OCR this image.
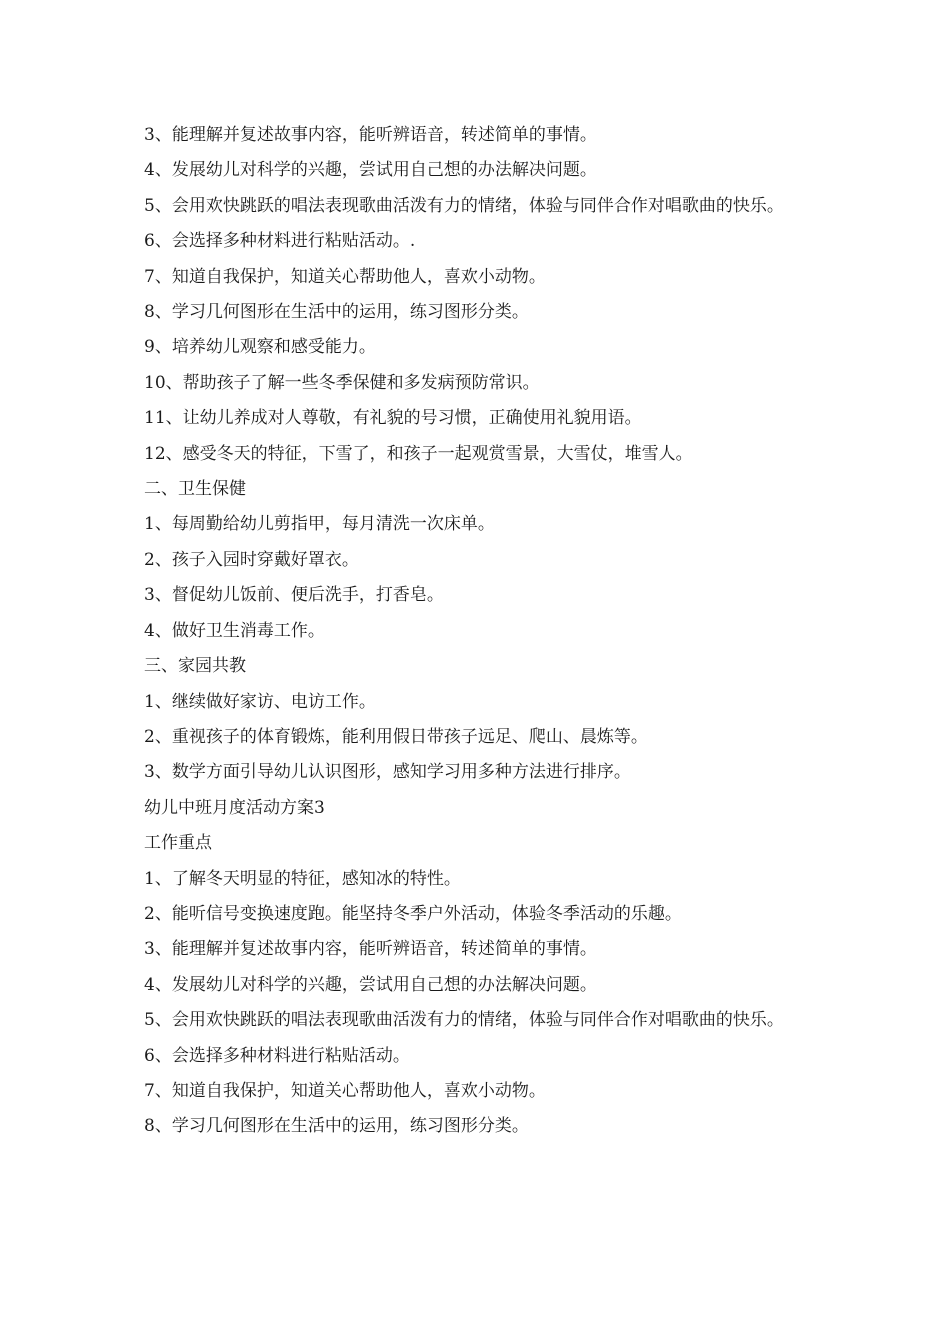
3、能理解并复述故事内容，能听辨语音，转述简单的事情。

4、发展幼儿对科学的兴趣，尝试用自己想的办法解决问题。

5、会用欢快跳跃的唱法表现歌曲活泼有力的情绪，体验与同伴合作对唱歌曲的快乐。

6、会选择多种材料进行粘贴活动。.

7、知道自我保护，知道关心帮助他人，喜欢小动物。

8、学习几何图形在生活中的运用，练习图形分类。

9、培养幼儿观察和感受能力。

10、帮助孩子了解一些冬季保健和多发病预防常识。

11、让幼儿养成对人尊敬，有礼貌的号习惯，正确使用礼貌用语。

12、感受冬天的特征，下雪了，和孩子一起观赏雪景，大雪仗，堆雪人。

二、卫生保健

1、每周勤给幼儿剪指甲，每月清洗一次床单。

2、孩子入园时穿戴好罩衣。

3、督促幼儿饭前、便后洗手，打香皂。

4、做好卫生消毒工作。

三、家园共教

1、继续做好家访、电访工作。

2、重视孩子的体育锻炼，能利用假日带孩子远足、爬山、晨炼等。

3、数学方面引导幼儿认识图形，感知学习用多种方法进行排序。

幼儿中班月度活动方案3

工作重点

1、了解冬天明显的特征，感知冰的特性。

2、能听信号变换速度跑。能坚持冬季户外活动，体验冬季活动的乐趣。

3、能理解并复述故事内容，能听辨语音，转述简单的事情。

4、发展幼儿对科学的兴趣，尝试用自己想的办法解决问题。

5、会用欢快跳跃的唱法表现歌曲活泼有力的情绪，体验与同伴合作对唱歌曲的快乐。

6、会选择多种材料进行粘贴活动。

7、知道自我保护，知道关心帮助他人，喜欢小动物。

8、学习几何图形在生活中的运用，练习图形分类。
